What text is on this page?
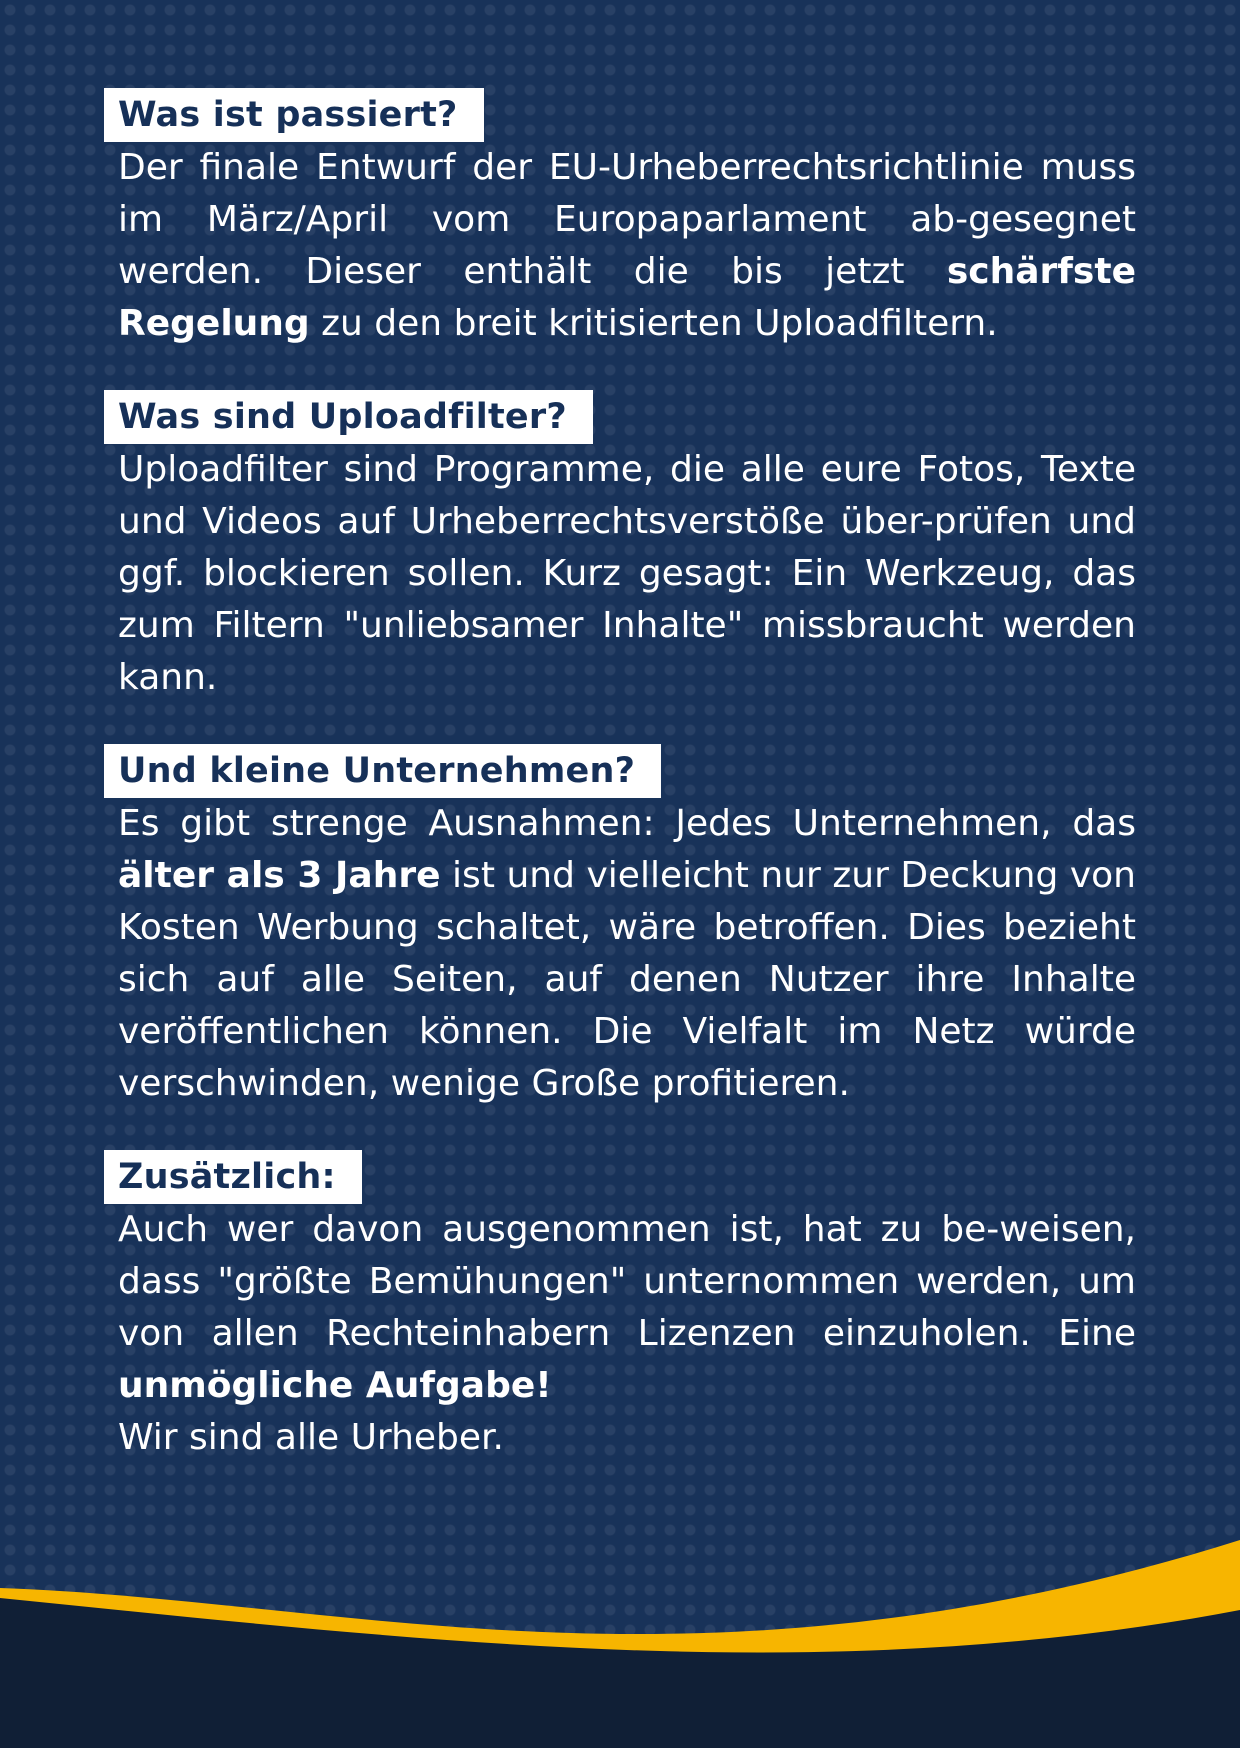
Was ist passiert?
Der finale Entwurf der EU-Urheberrechtsrichtlinie muss im März/April vom Europaparlament ab-gesegnet werden. Dieser enthält die bis jetzt schärfste Regelung zu den breit kritisierten Uploadfiltern.
Was sind Uploadfilter?
Uploadfilter sind Programme, die alle eure Fotos, Texte und Videos auf Urheberrechtsverstöße über-prüfen und ggf. blockieren sollen. Kurz gesagt: Ein Werkzeug, das zum Filtern "unliebsamer Inhalte" missbraucht werden kann.
Und kleine Unternehmen?
Es gibt strenge Ausnahmen: Jedes Unternehmen, das älter als 3 Jahre ist und vielleicht nur zur Deckung von Kosten Werbung schaltet, wäre betroffen. Dies bezieht sich auf alle Seiten, auf denen Nutzer ihre Inhalte veröffentlichen können. Die Vielfalt im Netz würde verschwinden, wenige Große profitieren.
Zusätzlich:
Auch wer davon ausgenommen ist, hat zu be-weisen, dass "größte Bemühungen" unternommen werden, um von allen Rechteinhabern Lizenzen einzuholen. Eine unmögliche Aufgabe!
Wir sind alle Urheber.
